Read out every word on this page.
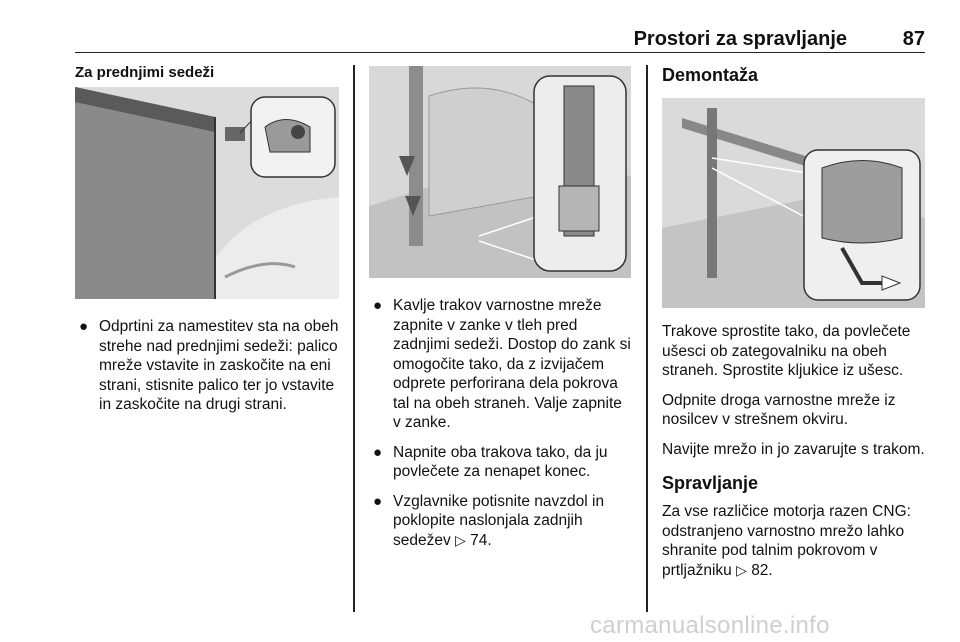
Prostori za spravljanje	87
Za prednjimi sedeži
● Odprtini za namestitev sta na obeh strehe nad prednjimi sedeži: palico mreže vstavite in zaskočite na eni strani, stisnite palico ter jo vstavite in zaskočite na drugi strani.
● Kavlje trakov varnostne mreže zapnite v zanke v tleh pred zadnjimi sedeži. Dostop do zank si omogočite tako, da z izvijačem odprete perforirana dela pokrova tal na obeh straneh. Valje zapnite v zanke.
● Napnite oba trakova tako, da ju povlečete za nenapet konec.
● Vzglavnike potisnite navzdol in poklopite naslonjala zadnjih sedežev ▷ 74.
Demontaža

Trakove sprostite tako, da povlečete ušesci ob zategovalniku na obeh straneh. Sprostite kljukice iz ušesc.

Odpnite droga varnostne mreže iz nosilcev v strešnem okviru.

Navijte mrežo in jo zavarujte s trakom.

Spravljanje

Za vse različice motorja razen CNG: odstranjeno varnostno mrežo lahko shranite pod talnim pokrovom v prtljažniku ▷ 82.

carmanualsonline.info
